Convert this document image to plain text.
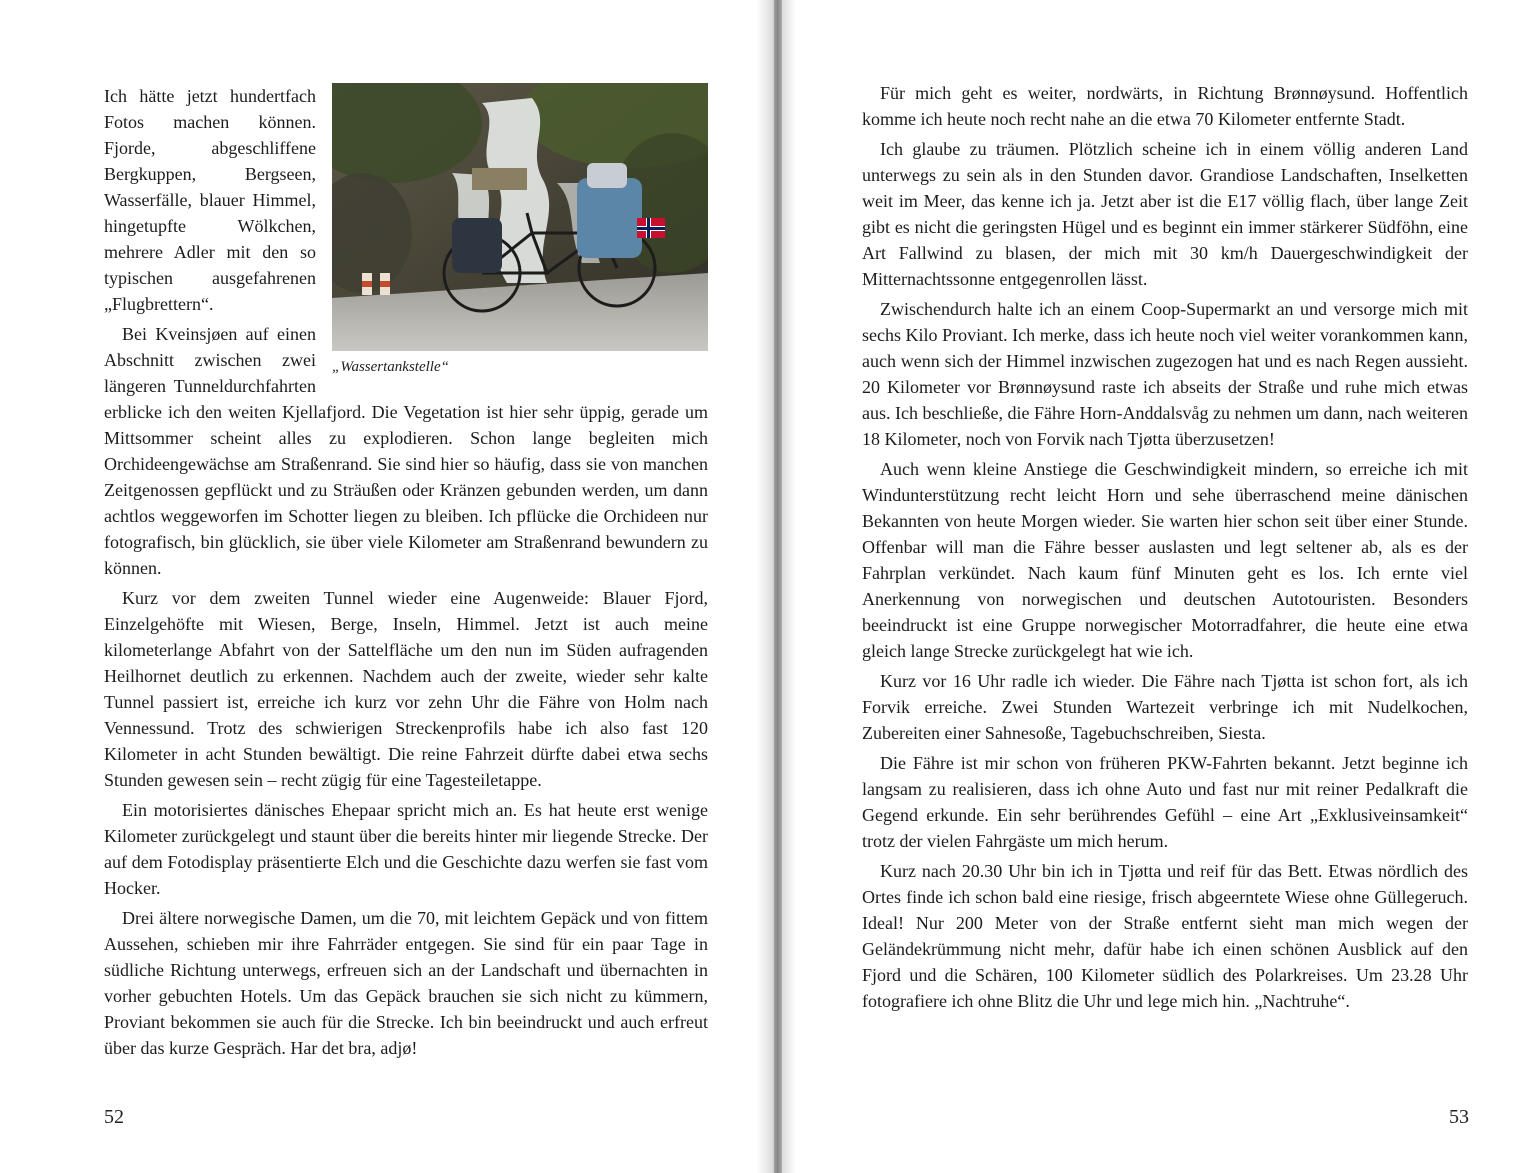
„Wassertankstelle“

Ich hätte jetzt hundertfach Fotos machen können. Fjorde, abgeschliffene Bergkuppen, Bergseen, Wasserfälle, blauer Himmel, hingetupfte Wölkchen, mehrere Adler mit den so typischen ausgefahrenen „Flugbrettern“.

Bei Kveinsjøen auf einen Abschnitt zwischen zwei längeren Tunneldurchfahrten erblicke ich den weiten Kjellafjord. Die Vegetation ist hier sehr üppig, gerade um Mittsommer scheint alles zu explodieren. Schon lange begleiten mich Orchideengewächse am Straßenrand. Sie sind hier so häufig, dass sie von manchen Zeitgenossen gepflückt und zu Sträußen oder Kränzen gebunden werden, um dann achtlos weggeworfen im Schotter liegen zu bleiben. Ich pflücke die Orchideen nur fotografisch, bin glücklich, sie über viele Kilometer am Straßenrand bewundern zu können.

Kurz vor dem zweiten Tunnel wieder eine Augenweide: Blauer Fjord, Einzelgehöfte mit Wiesen, Berge, Inseln, Himmel. Jetzt ist auch meine kilometerlange Abfahrt von der Sattelfläche um den nun im Süden aufragenden Heilhornet deutlich zu erkennen. Nachdem auch der zweite, wieder sehr kalte Tunnel passiert ist, erreiche ich kurz vor zehn Uhr die Fähre von Holm nach Vennessund. Trotz des schwierigen Streckenprofils habe ich also fast 120 Kilometer in acht Stunden bewältigt. Die reine Fahrzeit dürfte dabei etwa sechs Stunden gewesen sein – recht zügig für eine Tagesteiletappe.

Ein motorisiertes dänisches Ehepaar spricht mich an. Es hat heute erst wenige Kilometer zurückgelegt und staunt über die bereits hinter mir liegende Strecke. Der auf dem Fotodisplay präsentierte Elch und die Geschichte dazu werfen sie fast vom Hocker.

Drei ältere norwegische Damen, um die 70, mit leichtem Gepäck und von fittem Aussehen, schieben mir ihre Fahrräder entgegen. Sie sind für ein paar Tage in südliche Richtung unterwegs, erfreuen sich an der Landschaft und übernachten in vorher gebuchten Hotels. Um das Gepäck brauchen sie sich nicht zu kümmern, Proviant bekommen sie auch für die Strecke. Ich bin beeindruckt und auch erfreut über das kurze Gespräch. Har det bra, adjø!

52	53

Für mich geht es weiter, nordwärts, in Richtung Brønnøysund. Hoffentlich komme ich heute noch recht nahe an die etwa 70 Kilometer entfernte Stadt.

Ich glaube zu träumen. Plötzlich scheine ich in einem völlig anderen Land unterwegs zu sein als in den Stunden davor. Grandiose Landschaften, Inselketten weit im Meer, das kenne ich ja. Jetzt aber ist die E17 völlig flach, über lange Zeit gibt es nicht die geringsten Hügel und es beginnt ein immer stärkerer Südföhn, eine Art Fallwind zu blasen, der mich mit 30 km/h Dauergeschwindigkeit der Mitternachtssonne entgegenrollen lässt.

Zwischendurch halte ich an einem Coop-Supermarkt an und versorge mich mit sechs Kilo Proviant. Ich merke, dass ich heute noch viel weiter vorankommen kann, auch wenn sich der Himmel inzwischen zugezogen hat und es nach Regen aussieht. 20 Kilometer vor Brønnøysund raste ich abseits der Straße und ruhe mich etwas aus. Ich beschließe, die Fähre Horn-Anddalsvåg zu nehmen um dann, nach weiteren 18 Kilometer, noch von Forvik nach Tjøtta überzusetzen!

Auch wenn kleine Anstiege die Geschwindigkeit mindern, so erreiche ich mit Windunterstützung recht leicht Horn und sehe überraschend meine dänischen Bekannten von heute Morgen wieder. Sie warten hier schon seit über einer Stunde. Offenbar will man die Fähre besser auslasten und legt seltener ab, als es der Fahrplan verkündet. Nach kaum fünf Minuten geht es los. Ich ernte viel Anerkennung von norwegischen und deutschen Autotouristen. Besonders beeindruckt ist eine Gruppe norwegischer Motorradfahrer, die heute eine etwa gleich lange Strecke zurückgelegt hat wie ich.

Kurz vor 16 Uhr radle ich wieder. Die Fähre nach Tjøtta ist schon fort, als ich Forvik erreiche. Zwei Stunden Wartezeit verbringe ich mit Nudelkochen, Zubereiten einer Sahnesoße, Tagebuchschreiben, Siesta.

Die Fähre ist mir schon von früheren PKW-Fahrten bekannt. Jetzt beginne ich langsam zu realisieren, dass ich ohne Auto und fast nur mit reiner Pedalkraft die Gegend erkunde. Ein sehr berührendes Gefühl – eine Art „Exklusiveinsamkeit“ trotz der vielen Fahrgäste um mich herum.

Kurz nach 20.30 Uhr bin ich in Tjøtta und reif für das Bett. Etwas nördlich des Ortes finde ich schon bald eine riesige, frisch abgeerntete Wiese ohne Güllegeruch. Ideal! Nur 200 Meter von der Straße entfernt sieht man mich wegen der Geländekrümmung nicht mehr, dafür habe ich einen schönen Ausblick auf den Fjord und die Schären, 100 Kilometer südlich des Polarkreises. Um 23.28 Uhr fotografiere ich ohne Blitz die Uhr und lege mich hin. „Nachtruhe“.
